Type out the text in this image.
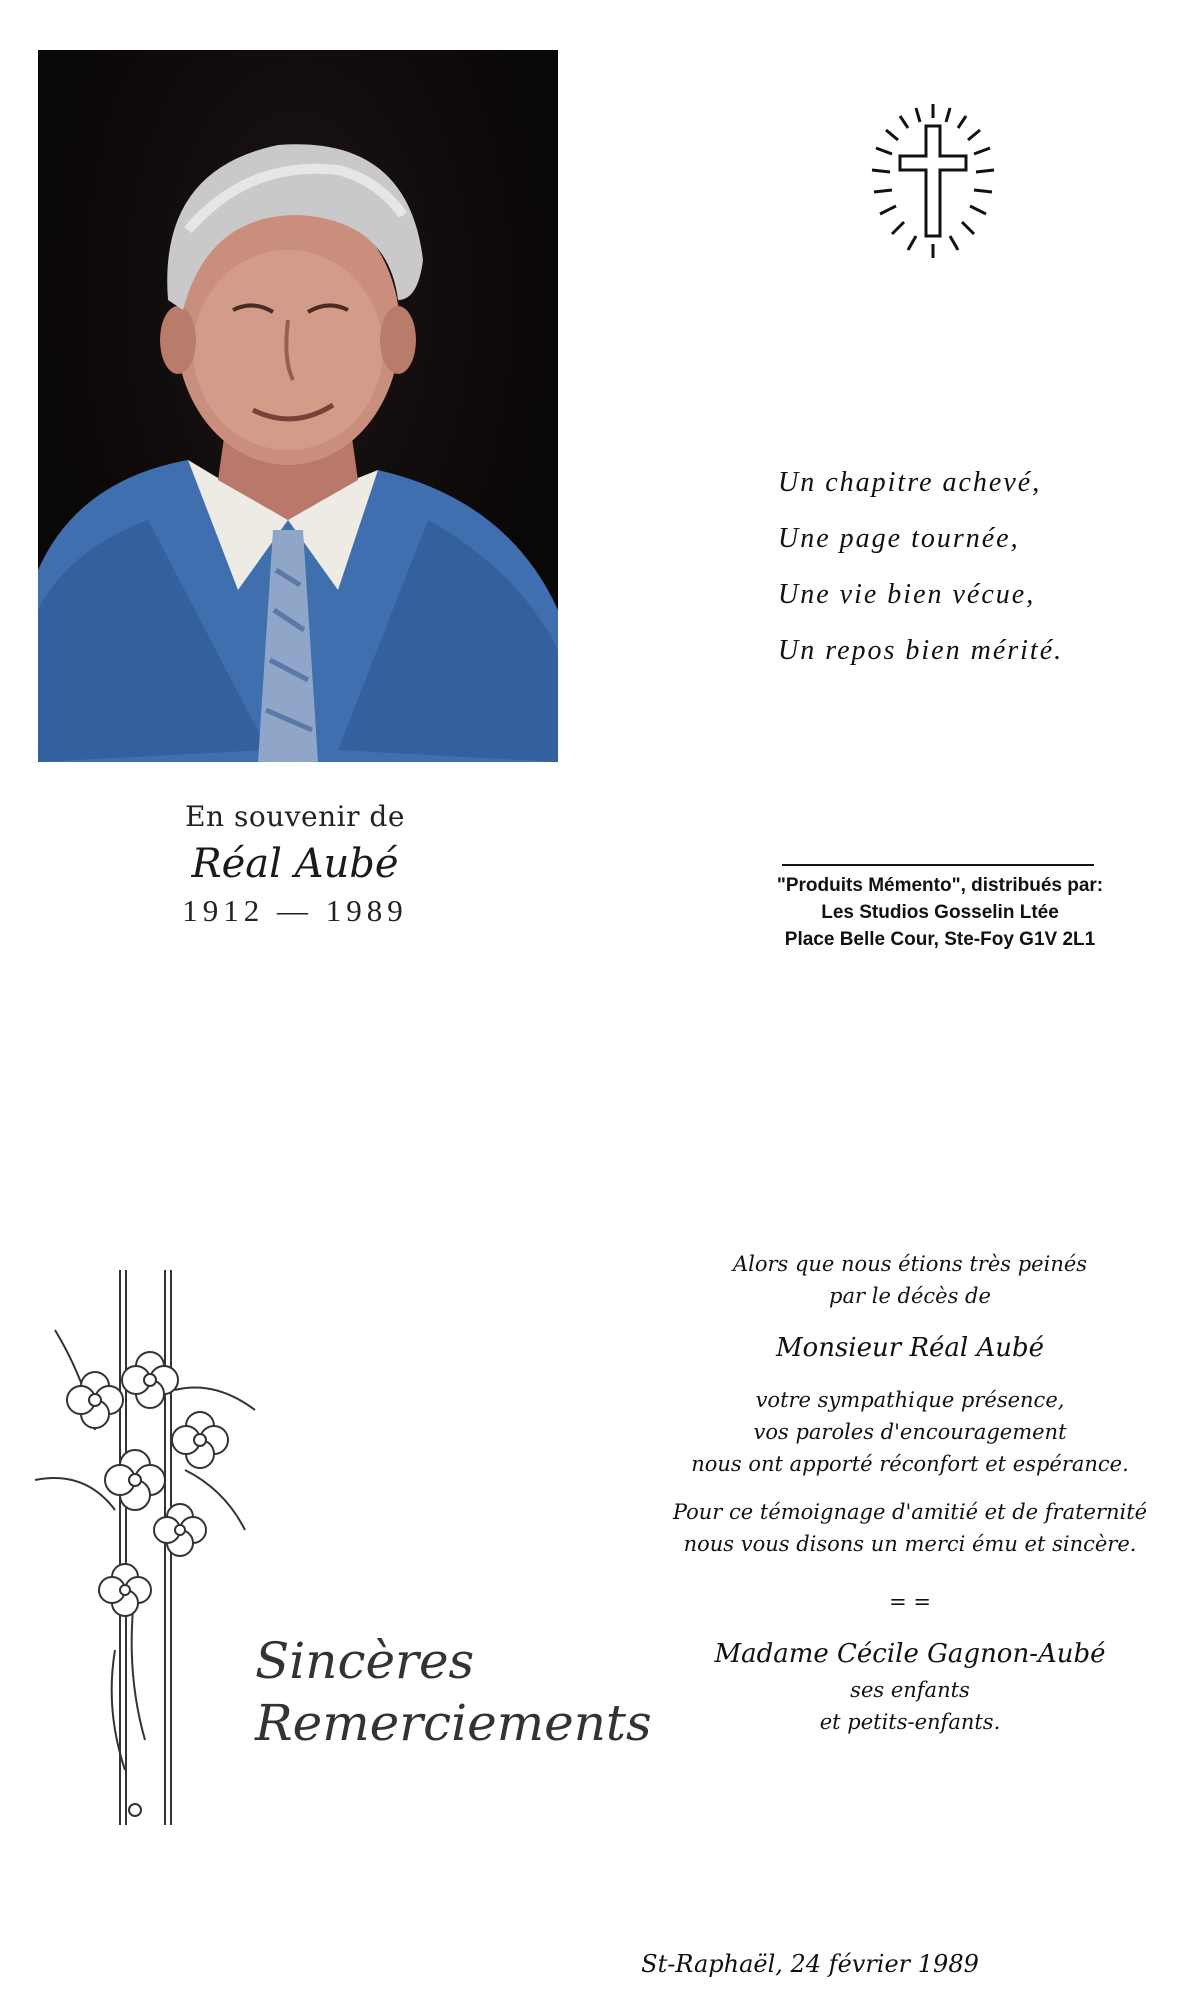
En souvenir de
Réal Aubé
1912 — 1989
Un chapitre achevé,
Une page tournée,
Une vie bien vécue,
Un repos bien mérité.
"Produits Mémento", distribués par:
Les Studios Gosselin Ltée
Place Belle Cour, Ste-Foy G1V 2L1
Sincères
Remerciements
Alors que nous étions très peinés
par le décès de
Monsieur Réal Aubé
votre sympathique présence,
vos paroles d'encouragement
nous ont apporté réconfort et espérance.
Pour ce témoignage d'amitié et de fraternité
nous vous disons un merci ému et sincère.
= =
Madame Cécile Gagnon-Aubé
ses enfants
et petits-enfants.
St-Raphaël, 24 février 1989
